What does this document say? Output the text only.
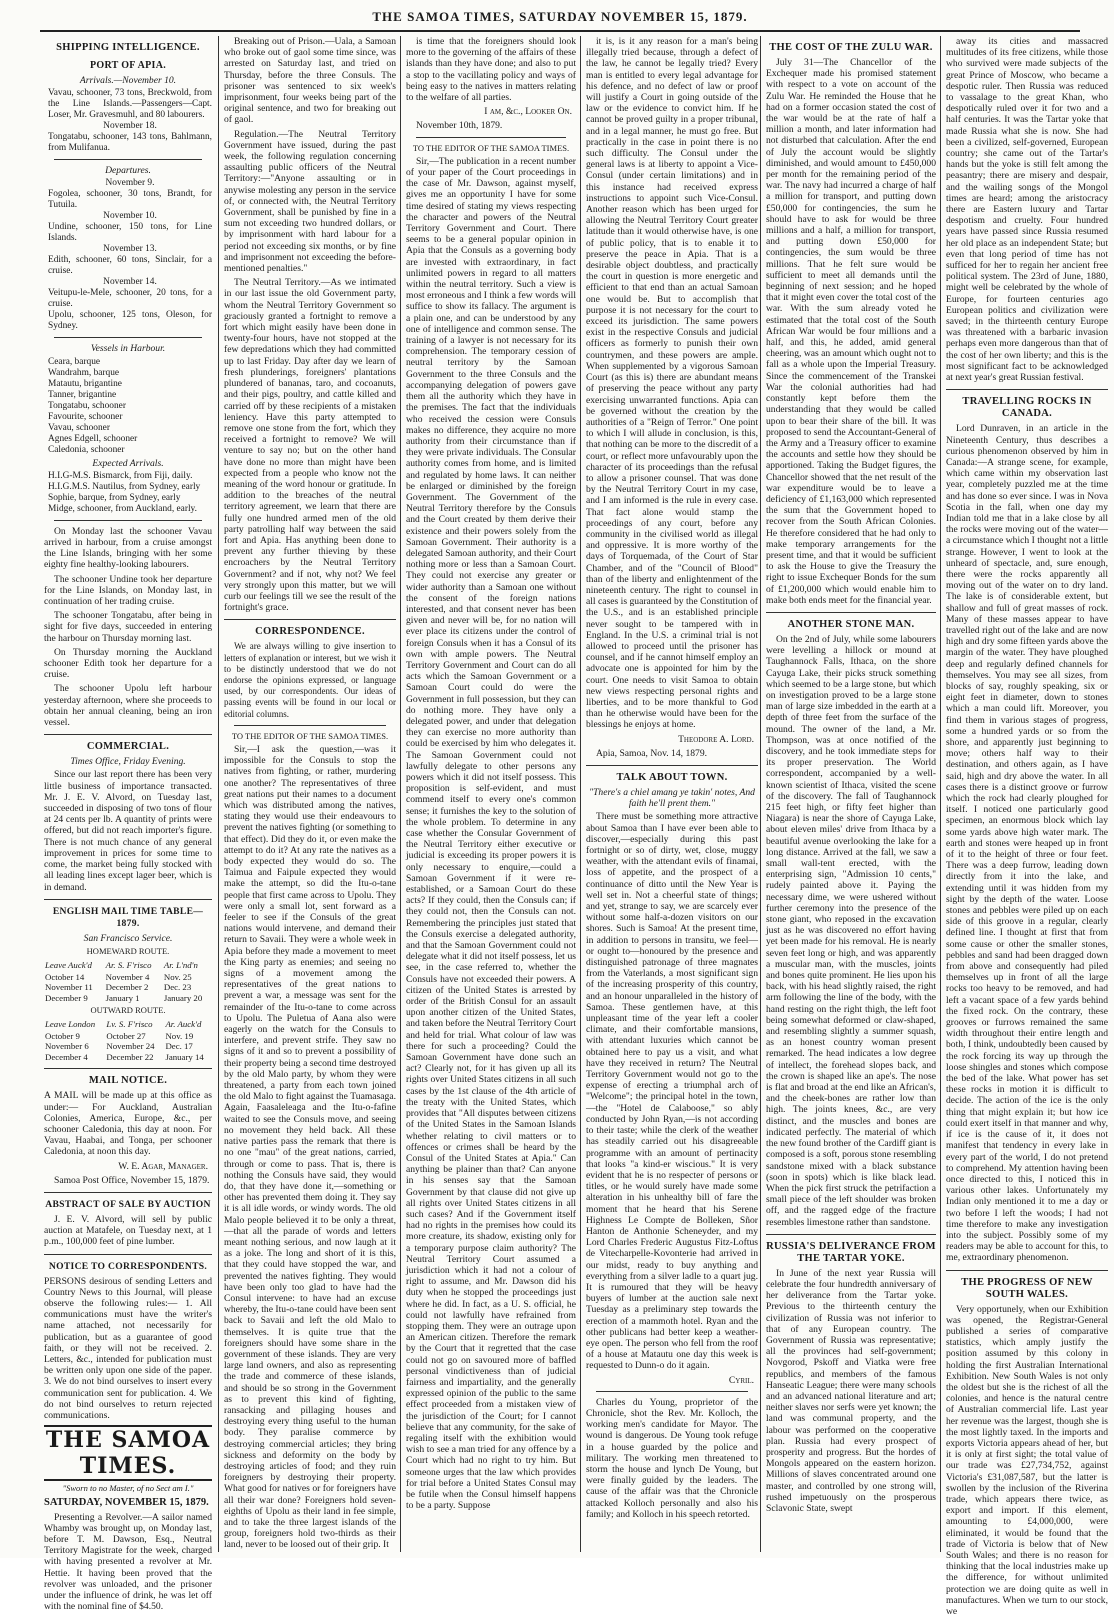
THE SAMOA TIMES, SATURDAY NOVEMBER 15, 1879.
SHIPPING INTELLIGENCE.
PORT OF APIA.
Arrivals.—November 10.
Vavau, schooner, 73 tons, Breckwold, from the Line Islands.—Passengers—Capt. Loser, Mr. Gravesmuhl, and 80 labourers.
November 18.
Tongatabu, schooner, 143 tons, Bahlmann, from Mulifanua.
Departures.
November 9.
Fogolea, schooner, 30 tons, Brandt, for Tutuila.
November 10.
Undine, schooner, 150 tons, for Line Islands.
November 13.
Edith, schooner, 60 tons, Sinclair, for a cruise.
November 14.
Veitupu-le-Mele, schooner, 20 tons, for a cruise.
Upolu, schooner, 125 tons, Oleson, for Sydney.
Vessels in Harbour.
Ceara, barque
Wandrahm, barque
Matautu, brigantine
Tanner, brigantine
Tongatabu, schooner
Favourite, schooner
Vavau, schooner
Agnes Edgell, schooner
Caledonia, schooner
Expected Arrivals.
H.I.G-M.S. Bismarck, from Fiji, daily.
H.I.G.M.S. Nautilus, from Sydney, early
Sophie, barque, from Sydney, early
Midge, schooner, from Auckland, early.

On Monday last the schooner Vavau arrived in harbour, from a cruise amongst the Line Islands, bringing with her some eighty fine healthy-looking labourers.

The schooner Undine took her departure for the Line Islands, on Monday last, in continuation of her trading cruise.

The schooner Tongatabu, after being in sight for five days, succeeded in entering the harbour on Thursday morning last.

On Thursday morning the Auckland schooner Edith took her departure for a cruise.

The schooner Upolu left harbour yesterday afternoon, where she proceeds to obtain her annual cleaning, being an iron vessel.

COMMERCIAL.
Times Office, Friday Evening.

Since our last report there has been very little business of importance transacted. Mr. J. E. V. Alvord, on Tuesday last, succeeded in disposing of two tons of flour at 24 cents per lb. A quantity of prints were offered, but did not reach importer's figure. There is not much chance of any general improvement in prices for some time to come, the market being fully stocked with all leading lines except lager beer, which is in demand.

ENGLISH MAIL TIME TABLE—1879.
San Francisco Service.
HOMEWARD ROUTE.
Leave Auck'd	Ar. S. F'risco	Ar. L'nd'n
October 14	November 4	Nov. 25
November 11	December 2	Dec. 23
December 9	January 1	January 20
OUTWARD ROUTE.
Leave London	Lv. S. F'risco	Ar. Auck'd
October 9	October 27	Nov. 19
November 6	November 24	Dec. 17
December 4	December 22	January 14
MAIL NOTICE.

A MAIL will be made up at this office as under:— For Auckland, Australian Colonies, America, Europe, &c., per schooner Caledonia, this day at noon. For Vavau, Haabai, and Tonga, per schooner Caledonia, at noon this day.

W. E. Agar, Manager.

Samoa Post Office, November 15, 1879.

ABSTRACT OF SALE BY AUCTION

J. E. V. Alvord, will sell by public auction at Matafele, on Tuesday next, at 1 p.m., 100,000 feet of pine lumber.

NOTICE TO CORRESPONDENTS.

PERSONS desirous of sending Letters and Country News to this Journal, will please observe the following rules:— 1. All communications must have the writer's name attached, not necessarily for publication, but as a guarantee of good faith, or they will not be received. 2. Letters, &c., intended for publication must be written only upon one side of the paper. 3. We do not bind ourselves to insert every communication sent for publication. 4. We do not bind ourselves to return rejected communications.

THE SAMOA TIMES.
"Sworn to no Master, of no Sect am I."
SATURDAY, NOVEMBER 15, 1879.

Presenting a Revolver.—A sailor named Whamby was brought up, on Monday last, before T. M. Dawson, Esq., Neutral Territory Magistrate for the week, charged with having presented a revolver at Mr. Hettie. It having been proved that the revolver was unloaded, and the prisoner under the influence of drink, he was let off with the nominal fine of $4.50.

Breaking out of Prison.—Uala, a Samoan who broke out of gaol some time since, was arrested on Saturday last, and tried on Thursday, before the three Consuls. The prisoner was sentenced to six week's imprisonment, four weeks being part of the original sentence, and two for breaking out of gaol.

Regulation.—The Neutral Territory Government have issued, during the past week, the following regulation concerning assaulting public officers of the Neutral Territory:—"Anyone assaulting or in anywise molesting any person in the service of, or connected with, the Neutral Territory Government, shall be punished by fine in a sum not exceeding two hundred dollars, or by imprisonment with hard labour for a period not exceeding six months, or by fine and imprisonment not exceeding the before-mentioned penalties."

The Neutral Territory.—As we intimated in our last issue the old Government party, whom the Neutral Territory Government so graciously granted a fortnight to remove a fort which might easily have been done in twenty-four hours, have not stopped at the few depredations which they had committed up to last Friday. Day after day we learn of fresh plunderings, foreigners' plantations plundered of bananas, taro, and cocoanuts, and their pigs, poultry, and cattle killed and carried off by these recipients of a mistaken leniency. Have this party attempted to remove one stone from the fort, which they received a fortnight to remove? We will venture to say no; but on the other hand have done no more than might have been expected from a people who know not the meaning of the word honour or gratitude. In addition to the breaches of the neutral territory agreement, we learn that there are fully one hundred armed men of the old party patrolling half way between the said fort and Apia. Has anything been done to prevent any further thieving by these encroachers by the Neutral Territory Government? and if not, why not? We feel very strongly upon this matter, but we will curb our feelings till we see the result of the fortnight's grace.

CORRESPONDENCE.

We are always willing to give insertion to letters of explanation or interest, but we wish it to be distinctly understood that we do not endorse the opinions expressed, or language used, by our correspondents. Our ideas of passing events will be found in our local or editorial columns.

TO THE EDITOR OF THE SAMOA TIMES.

Sir,—I ask the question,—was it impossible for the Consuls to stop the natives from fighting, or rather, murdering one another? The representatives of three great nations put their names to a document which was distributed among the natives, stating they would use their endeavours to prevent the natives fighting (or something to that effect). Did they do it, or even make the attempt to do it? At any rate the natives as a body expected they would do so. The Taimua and Faipule expected they would make the attempt, so did the Itu-o-tane people that first came across to Upolu. They were only a small lot, sent forward as a feeler to see if the Consuls of the great nations would intervene, and demand their return to Savaii. They were a whole week in Apia before they made a movement to meet the King party as enemies; and seeing no signs of a movement among the representatives of the great nations to prevent a war, a message was sent for the remainder of the Itu-o-tane to come across to Upolu. The Puletua of Aana also were eagerly on the watch for the Consuls to interfere, and prevent strife. They saw no signs of it and so to prevent a possibility of their property being a second time destroyed by the old Malo party, by whom they were threatened, a party from each town joined the old Malo to fight against the Tuamasaga. Again, Faasaleleaga and the Itu-o-fafine waited to see the Consuls move, and seeing no movement they held back. All these native parties pass the remark that there is no one "mau" of the great nations, carried, through or come to pass. That is, there is nothing the Consuls have said, they would do, that they have done it,—something or other has prevented them doing it. They say it is all idle words, or windy words. The old Malo people believed it to be only a threat,—that all the parade of words and letters meant nothing serious, and now laugh at it as a joke. The long and short of it is this, that they could have stopped the war, and prevented the natives fighting. They would have been only too glad to have had the Consul intervene: to have had an excuse whereby, the Itu-o-tane could have been sent back to Savaii and left the old Malo to themselves. It is quite true that the foreigners should have some share in the government of these islands. They are very large land owners, and also as representing the trade and commerce of these islands, and should be so strong in the Government as to prevent this kind of fighting, ransacking and pillaging houses and destroying every thing useful to the human body. They paralise commerce by destroying commercial articles; they bring sickness and deformity on the body by destroying articles of food; and they ruin foreigners by destroying their property. What good for natives or for foreigners have all their war done? Foreigners hold seven-eighths of Upolu as their land in fee simple, and to take the three largest islands of the group, foreigners hold two-thirds as their land, never to be loosed out of their grip. It

is time that the foreigners should look more to the governing of the affairs of these islands than they have done; and also to put a stop to the vacillating policy and ways of being easy to the natives in matters relating to the welfare of all parties.

I am, &c., Looker On.

November 10th, 1879.

TO THE EDITOR OF THE SAMOA TIMES.

Sir,—The publication in a recent number of your paper of the Court proceedings in the case of Mr. Dawson, against myself, gives me an opportunity I have for some time desired of stating my views respecting the character and powers of the Neutral Territory Government and Court. There seems to be a general popular opinion in Apia that the Consuls as a governing body are invested with extraordinary, in fact unlimited powers in regard to all matters within the neutral territory. Such a view is most erroneous and I think a few words will suffice to show its fallacy. The argument is a plain one, and can be understood by any one of intelligence and common sense. The training of a lawyer is not necessary for its comprehension. The temporary cession of neutral territory by the Samoan Government to the three Consuls and the accompanying delegation of powers gave them all the authority which they have in the premises. The fact that the individuals who received the cession were Consuls makes no difference, they acquire no more authority from their circumstance than if they were private individuals. The Consular authority comes from home, and is limited and regulated by home laws. It can neither be enlarged or diminished by the foreign Government. The Government of the Neutral Territory therefore by the Consuls and the Court created by them derive their existence and their powers solely from the Samoan Government. Their authority is a delegated Samoan authority, and their Court nothing more or less than a Samoan Court. They could not exercise any greater or wider authority than a Samoan one without the consent of the foreign nations interested, and that consent never has been given and never will be, for no nation will ever place its citizens under the control of foreign Consuls when it has a Consul of its own with ample powers. The Neutral Territory Government and Court can do all acts which the Samoan Government or a Samoan Court could do were the Government in full possession, but they can do nothing more. They have only a delegated power, and under that delegation they can exercise no more authority than could be exercised by him who delegates it. The Samoan Government could not lawfully delegate to other persons any powers which it did not itself possess. This proposition is self-evident, and must commend itself to every one's common sense; it furnishes the key to the solution of the whole problem. To determine in any case whether the Consular Government of the Neutral Territory either executive or judicial is exceeding its proper powers it is only necessary to enquire,—could a Samoan Government if it were re-established, or a Samoan Court do these acts? If they could, then the Consuls can; if they could not, then the Consuls can not. Remembering the principles just stated that the Consuls exercise a delegated authority, and that the Samoan Government could not delegate what it did not itself possess, let us see, in the case referred to, whether the Consuls have not exceeded their powers. A citizen of the United States is arrested by order of the British Consul for an assault upon another citizen of the United States, and taken before the Neutral Territory Court and held for trial. What colour of law was there for such a proceeding? Could the Samoan Government have done such an act? Clearly not, for it has given up all its rights over United States citizens in all such cases by the 1st clause of the 4th article of the treaty with the United States, which provides that "All disputes between citizens of the United States in the Samoan Islands whether relating to civil matters or to offences or crimes shall be heard by the Consul of the United States at Apia." Can anything be plainer than that? Can anyone in his senses say that the Samoan Government by that clause did not give up all rights over United States citizens in all such cases? And if the Government itself had no rights in the premises how could its more creature, its shadow, existing only for a temporary purpose claim authority? The Neutral Territory Court assumed a jurisdiction which it had not a colour of right to assume, and Mr. Dawson did his duty when he stopped the proceedings just where he did. In fact, as a U. S. official, he could not lawfully have refrained from stopping them. They were an outrage upon an American citizen. Therefore the remark by the Court that it regretted that the case could not go on savoured more of baffled personal vindictiveness than of judicial fairness and impartiality, and the generally expressed opinion of the public to the same effect proceeded from a mistaken view of the jurisdiction of the Court; for I cannot believe that any community, for the sake of regaling itself with the exhibition would wish to see a man tried for any offence by a Court which had no right to try him. But someone urges that the law which provides for trial before a United States Consul may be futile when the Consul himself happens to be a party. Suppose

it is, is it any reason for a man's being illegally tried because, through a defect of the law, he cannot be legally tried? Every man is entitled to every legal advantage for his defence, and no defect of law or proof will justify a Court in going outside of the law or the evidence to convict him. If he cannot be proved guilty in a proper tribunal, and in a legal manner, he must go free. But practically in the case in point there is no such difficulty. The Consul under the general laws is at liberty to appoint a Vice-Consul (under certain limitations) and in this instance had received express instructions to appoint such Vice-Consul. Another reason which has been urged for allowing the Neutral Territory Court greater latitude than it would otherwise have, is one of public policy, that is to enable it to preserve the peace in Apia. That is a desirable object doubtless, and practically the court in question is more energetic and efficient to that end than an actual Samoan one would be. But to accomplish that purpose it is not necessary for the court to exceed its jurisdiction. The same powers exist in the respective Consuls and judicial officers as formerly to punish their own countrymen, and these powers are ample. When supplemented by a vigorous Samoan Court (as this is) there are abundant means of preserving the peace without any party exercising unwarranted functions. Apia can be governed without the creation by the authorities of a "Reign of Terror." One point to which I will allude in conclusion, is this, that nothing can be more to the discredit of a court, or reflect more unfavourably upon the character of its proceedings than the refusal to allow a prisoner counsel. That was done by the Neutral Territory Court in my case, and I am informed is the rule in every case. That fact alone would stamp the proceedings of any court, before any community in the civilised world as illegal and oppressive. It is more worthy of the days of Torquemada, of the Court of Star Chamber, and of the "Council of Blood" than of the liberty and enlightenment of the nineteenth century. The right to counsel in all cases is guaranteed by the Constitution of the U.S., and is an established principle never sought to be tampered with in England. In the U.S. a criminal trial is not allowed to proceed until the prisoner has counsel, and if he cannot himself employ an advocate one is appointed for him by the court. One needs to visit Samoa to obtain new views respecting personal rights and liberties, and to be more thankful to God than he otherwise would have been for the blessings he enjoys at home.

Theodore A. Lord.

Apia, Samoa, Nov. 14, 1879.

TALK ABOUT TOWN.
"There's a chiel amang ye takin' notes, And faith he'll prent them."

There must be something more attractive about Samoa than I have ever been able to discover,—especially during this past fortnight or so of dirty, wet, close, muggy weather, with the attendant evils of finamai, loss of appetite, and the prospect of a continuance of ditto until the New Year is well set in. Not a cheerful state of things; and yet, strange to say, we are scarcely ever without some half-a-dozen visitors on our shores. Such is Samoa! At the present time, in addition to persons in transitu, we feel—or ought to—honoured by the presence and distinguished patronage of three magnates from the Vaterlands, a most significant sign of the increasing prosperity of this country, and an honour unparalleled in the history of Samoa. These gentlemen have, at this unpleasant time of the year left a cooler climate, and their comfortable mansions, with attendant luxuries which cannot be obtained here to pay us a visit, and what have they received in return? The Neutral Territory Government would not go to the expense of erecting a triumphal arch of "Welcome"; the principal hotel in the town,—the "Hotel de Calaboose," so ably conducted by John Ryan,—is not according to their taste; while the clerk of the weather has steadily carried out his disagreeable programme with an amount of pertinacity that looks "a kind-er wiscious." It is very evident that he is no respecter of persons or titles, or he would surely have made some alteration in his unhealthy bill of fare the moment that he heard that his Serene Highness Le Compte de Bolleken, Sñor Hanton de Anthonie Scheneyder, and my Lord Charles Frederic Augustus Fitz-Loftus de Vitecharpelle-Kovonterie had arrived in our midst, ready to buy anything and everything from a silver ladle to a quart jug. It is rumoured that they will be heavy buyers of lumber at the auction sale next Tuesday as a preliminary step towards the erection of a mammoth hotel. Ryan and the other publicans had better keep a weather-eye open. The person who fell from the roof of a house at Matautu one day this week is requested to Dunn-o do it again.

Cyril.

Charles du Young, proprietor of the Chronicle, shot the Rev. Mr. Kolloch, the working men's candidate for Mayor. The wound is dangerous. De Young took refuge in a house guarded by the police and military. The working men threatened to storm the house and lynch De Young, but were finally guided by the leaders. The cause of the affair was that the Chronicle attacked Kolloch personally and also his family; and Kolloch in his speech retorted.

THE COST OF THE ZULU WAR.

July 31—The Chancellor of the Exchequer made his promised statement with respect to a vote on account of the Zulu War. He reminded the House that he had on a former occasion stated the cost of the war would be at the rate of half a million a month, and later information had not disturbed that calculation. After the end of July the account would be slightly diminished, and would amount to £450,000 per month for the remaining period of the war. The navy had incurred a charge of half a million for transport, and putting down £50,000 for contingencies, the sum he should have to ask for would be three millions and a half, a million for transport, and putting down £50,000 for contingencies, the sum would be three millions. That he felt sure would be sufficient to meet all demands until the beginning of next session; and he hoped that it might even cover the total cost of the war. With the sum already voted he estimated that the total cost of the South African War would be four millions and a half, and this, he added, amid general cheering, was an amount which ought not to fall as a whole upon the Imperial Treasury. Since the commencement of the Transkei War the colonial authorities had had constantly kept before them the understanding that they would be called upon to bear their share of the bill. It was proposed to send the Accountant-General of the Army and a Treasury officer to examine the accounts and settle how they should be apportioned. Taking the Budget figures, the Chancellor showed that the net result of the war expenditure would be to leave a deficiency of £1,163,000 which represented the sum that the Government hoped to recover from the South African Colonies. He therefore considered that he had only to make temporary arrangements for the present time, and that it would be sufficient to ask the House to give the Treasury the right to issue Exchequer Bonds for the sum of £1,200,000 which would enable him to make both ends meet for the financial year.

ANOTHER STONE MAN.

On the 2nd of July, while some labourers were levelling a hillock or mound at Taughannock Falls, Ithaca, on the shore Cayuga Lake, their picks struck something which seemed to be a large stone, but which on investigation proved to be a large stone man of large size imbedded in the earth at a depth of three feet from the surface of the mound. The owner of the land, a Mr. Thompson, was at once notified of the discovery, and he took immediate steps for its proper preservation. The World correspondent, accompanied by a well-known scientist of Ithaca, visited the scene of the discovery. The fall of Taughannock 215 feet high, or fifty feet higher than Niagara) is near the shore of Cayuga Lake, about eleven miles' drive from Ithaca by a beautiful avenue overlooking the lake for a long distance. Arrived at the fall, we saw a small wall-tent erected, with the enterprising sign, "Admission 10 cents," rudely painted above it. Paying the necessary dime, we were ushered without further ceremony into the presence of the stone giant, who reposed in the excavation just as he was discovered no effort having yet been made for his removal. He is nearly seven feet long or high, and was apparently a muscular man, with the muscles, joints and bones quite prominent. He lies upon his back, with his head slightly raised, the right arm following the line of the body, with the hand resting on the right thigh, the left foot being somewhat deformed or claw-shaped, and resembling slightly a summer squash, as an honest country woman present remarked. The head indicates a low degree of intellect, the forehead slopes back, and the crown is shaped like an ape's. The nose is flat and broad at the end like an African's, and the cheek-bones are rather low than high. The joints knees, &c., are very distinct, and the muscles and bones are indicated perfectly. The material of which the new found brother of the Cardiff giant is composed is a soft, porous stone resembling sandstone mixed with a black substance (soon in spots) which is like black lead. When the pick first struck the petrifaction a small piece of the left shoulder was broken off, and the ragged edge of the fracture resembles limestone rather than sandstone.

RUSSIA'S DELIVERANCE FROM THE TARTAR YOKE.

In June of the next year Russia will celebrate the four hundredth anniversary of her deliverance from the Tartar yoke. Previous to the thirteenth century the civilization of Russia was not inferior to that of any European country. The Government of Russia was representative; all the provinces had self-government; Novgorod, Pskoff and Viatka were free republics, and members of the famous Hanseatic League; there were many schools and an advanced national literature and art; neither slaves nor serfs were yet known; the land was communal property, and the labour was performed on the cooperative plan. Russia had every prospect of prosperity and progress. But the hordes of Mongols appeared on the eastern horizon. Millions of slaves concentrated around one master, and controlled by one strong will, rushed impetuously on the prosperous Sclavonic State, swept

away its cities and massacred multitudes of its free citizens, while those who survived were made subjects of the great Prince of Moscow, who became a despotic ruler. Then Russia was reduced to vassalage to the great Khan, who despotically ruled over it for two and a half centuries. It was the Tartar yoke that made Russia what she is now. She had been a civilized, self-governed, European country; she came out of the Tartar's hands but the yoke is still felt among the peasantry; there are misery and despair, and the wailing songs of the Mongol times are heard; among the aristocracy there are Eastern luxury and Tartar despotism and cruelty. Four hundred years have passed since Russia resumed her old place as an independent State; but even that long period of time has not sufficed for her to regain her ancient free political system. The 23rd of June, 1880, might well be celebrated by the whole of Europe, for fourteen centuries ago European politics and civilization were saved; in the thirteenth century Europe was threatened with a barbaric invasion perhaps even more dangerous than that of the cost of her own liberty; and this is the most significant fact to be acknowledged at next year's great Russian festival.

TRAVELLING ROCKS IN CANADA.

Lord Dunraven, in an article in the Nineteenth Century, thus describes a curious phenomenon observed by him in Canada:—A strange scene, for example, which came within my observation last year, completely puzzled me at the time and has done so ever since. I was in Nova Scotia in the fall, when one day my Indian told me that in a lake close by all the rocks were moving out of the water—a circumstance which I thought not a little strange. However, I went to look at the unheard of spectacle, and, sure enough, there were the rocks apparently all moving out of the water on to dry land. The lake is of considerable extent, but shallow and full of great masses of rock. Many of these masses appear to have travelled right out of the lake and are now high and dry some fifteen yards above the margin of the water. They have ploughed deep and regularly defined channels for themselves. You may see all sizes, from blocks of say, roughly speaking, six or eight feet in diameter, down to stones which a man could lift. Moreover, you find them in various stages of progress, some a hundred yards or so from the shore, and apparently just beginning to move; others half way to their destination, and others again, as I have said, high and dry above the water. In all cases there is a distinct groove or furrow which the rock had clearly ploughed for itself. I noticed one particularly good specimen, an enormous block which lay some yards above high water mark. The earth and stones were heaped up in front of it to the height of three or four feet. There was a deep furrow, leading down directly from it into the lake, and extending until it was hidden from my sight by the depth of the water. Loose stones and pebbles were piled up on each side of this groove in a regular, clearly defined line. I thought at first that from some cause or other the smaller stones, pebbles and sand had been dragged down from above and consequently had piled themselves up in front of all the large rocks too heavy to be removed, and had left a vacant space of a few yards behind the fixed rock. On the contrary, these grooves or furrows remained the same width throughout their entire length and both, I think, undoubtedly been caused by the rock forcing its way up through the loose shingles and stones which compose the bed of the lake. What power has set these rocks in motion it is difficult to decide. The action of the ice is the only thing that might explain it; but how ice could exert itself in that manner and why, if ice is the cause of it, it does not manifest that tendency in every lake in every part of the world, I do not pretend to comprehend. My attention having been once directed to this, I noticed this in various other lakes. Unfortunately my Indian only mentioned it to me a day or two before I left the woods; I had not time therefore to make any investigation into the subject. Possibly some of my readers may be able to account for this, to me, extraordinary phenomenon.

THE PROGRESS OF NEW SOUTH WALES.

Very opportunely, when our Exhibition was opened, the Registrar-General published a series of comparative statistics, which amply justify the position assumed by this colony in holding the first Australian International Exhibition. New South Wales is not only the oldest but she is the richest of all the colonies, and hence is the natural centre of Australian commercial life. Last year her revenue was the largest, though she is the most lightly taxed. In the imports and exports Victoria appears ahead of her, but it is only at first sight; the total value of our trade was £27,734,752, against Victoria's £31,087,587, but the latter is swollen by the inclusion of the Riverina trade, which appears there twice, as export and import. If this element, amounting to £4,000,000, were eliminated, it would be found that the trade of Victoria is below that of New South Wales; and there is no reason for thinking that the local industries make up the difference, for without unlimited protection we are doing quite as well in manufactures. When we turn to our stock, we
